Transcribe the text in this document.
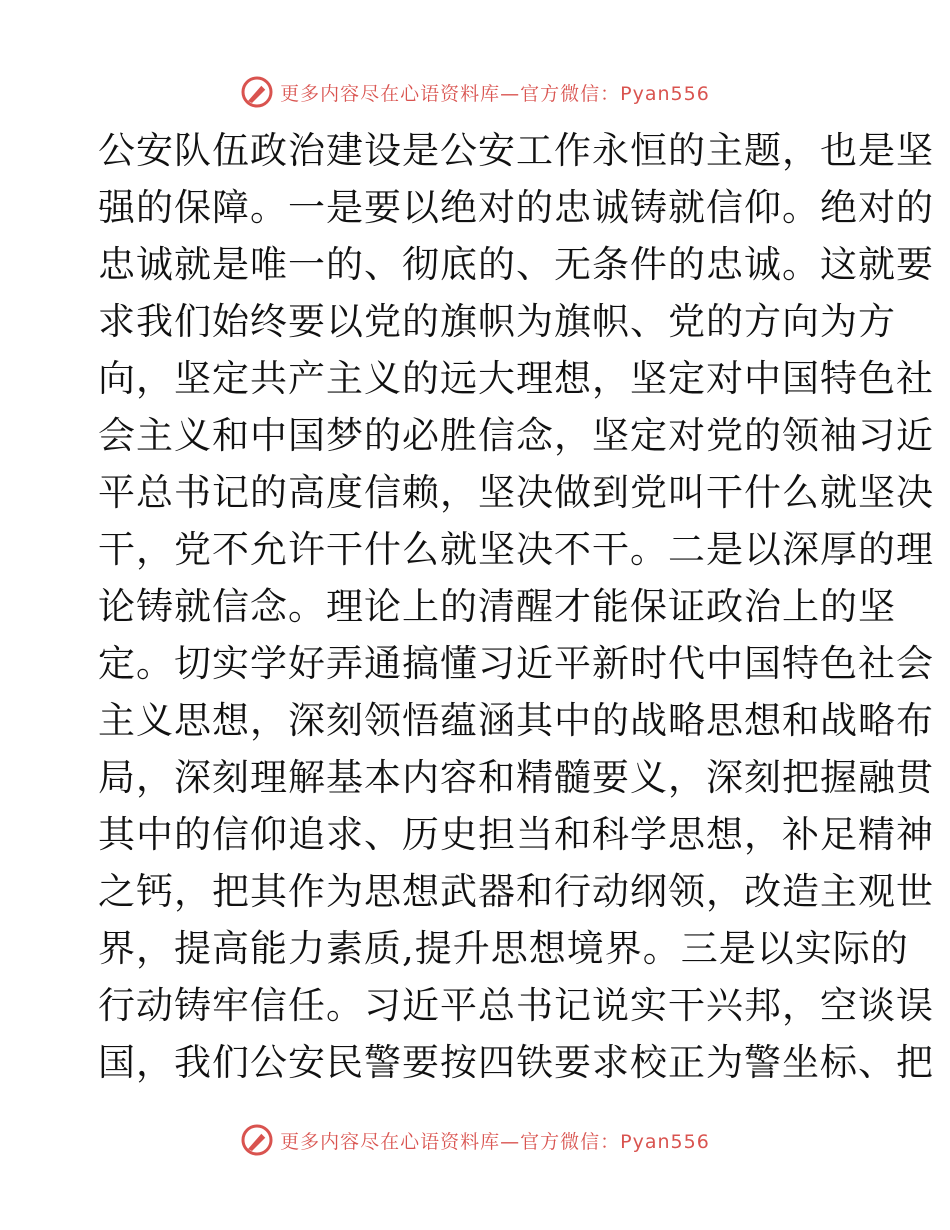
更多内容尽在心语资料库—官方微信：Pyan556
公安队伍政治建设是公安工作永恒的主题，也是坚
强的保障。一是要以绝对的忠诚铸就信仰。绝对的
忠诚就是唯一的、彻底的、无条件的忠诚。这就要
求我们始终要以党的旗帜为旗帜、党的方向为方
向，坚定共产主义的远大理想，坚定对中国特色社
会主义和中国梦的必胜信念，坚定对党的领袖习近
平总书记的高度信赖，坚决做到党叫干什么就坚决
干，党不允许干什么就坚决不干。二是以深厚的理
论铸就信念。理论上的清醒才能保证政治上的坚
定。切实学好弄通搞懂习近平新时代中国特色社会
主义思想，深刻领悟蕴涵其中的战略思想和战略布
局，深刻理解基本内容和精髓要义，深刻把握融贯
其中的信仰追求、历史担当和科学思想，补足精神
之钙，把其作为思想武器和行动纲领，改造主观世
界，提高能力素质,提升思想境界。三是以实际的
行动铸牢信任。习近平总书记说实干兴邦，空谈误
国，我们公安民警要按四铁要求校正为警坐标、把
更多内容尽在心语资料库—官方微信：Pyan556
